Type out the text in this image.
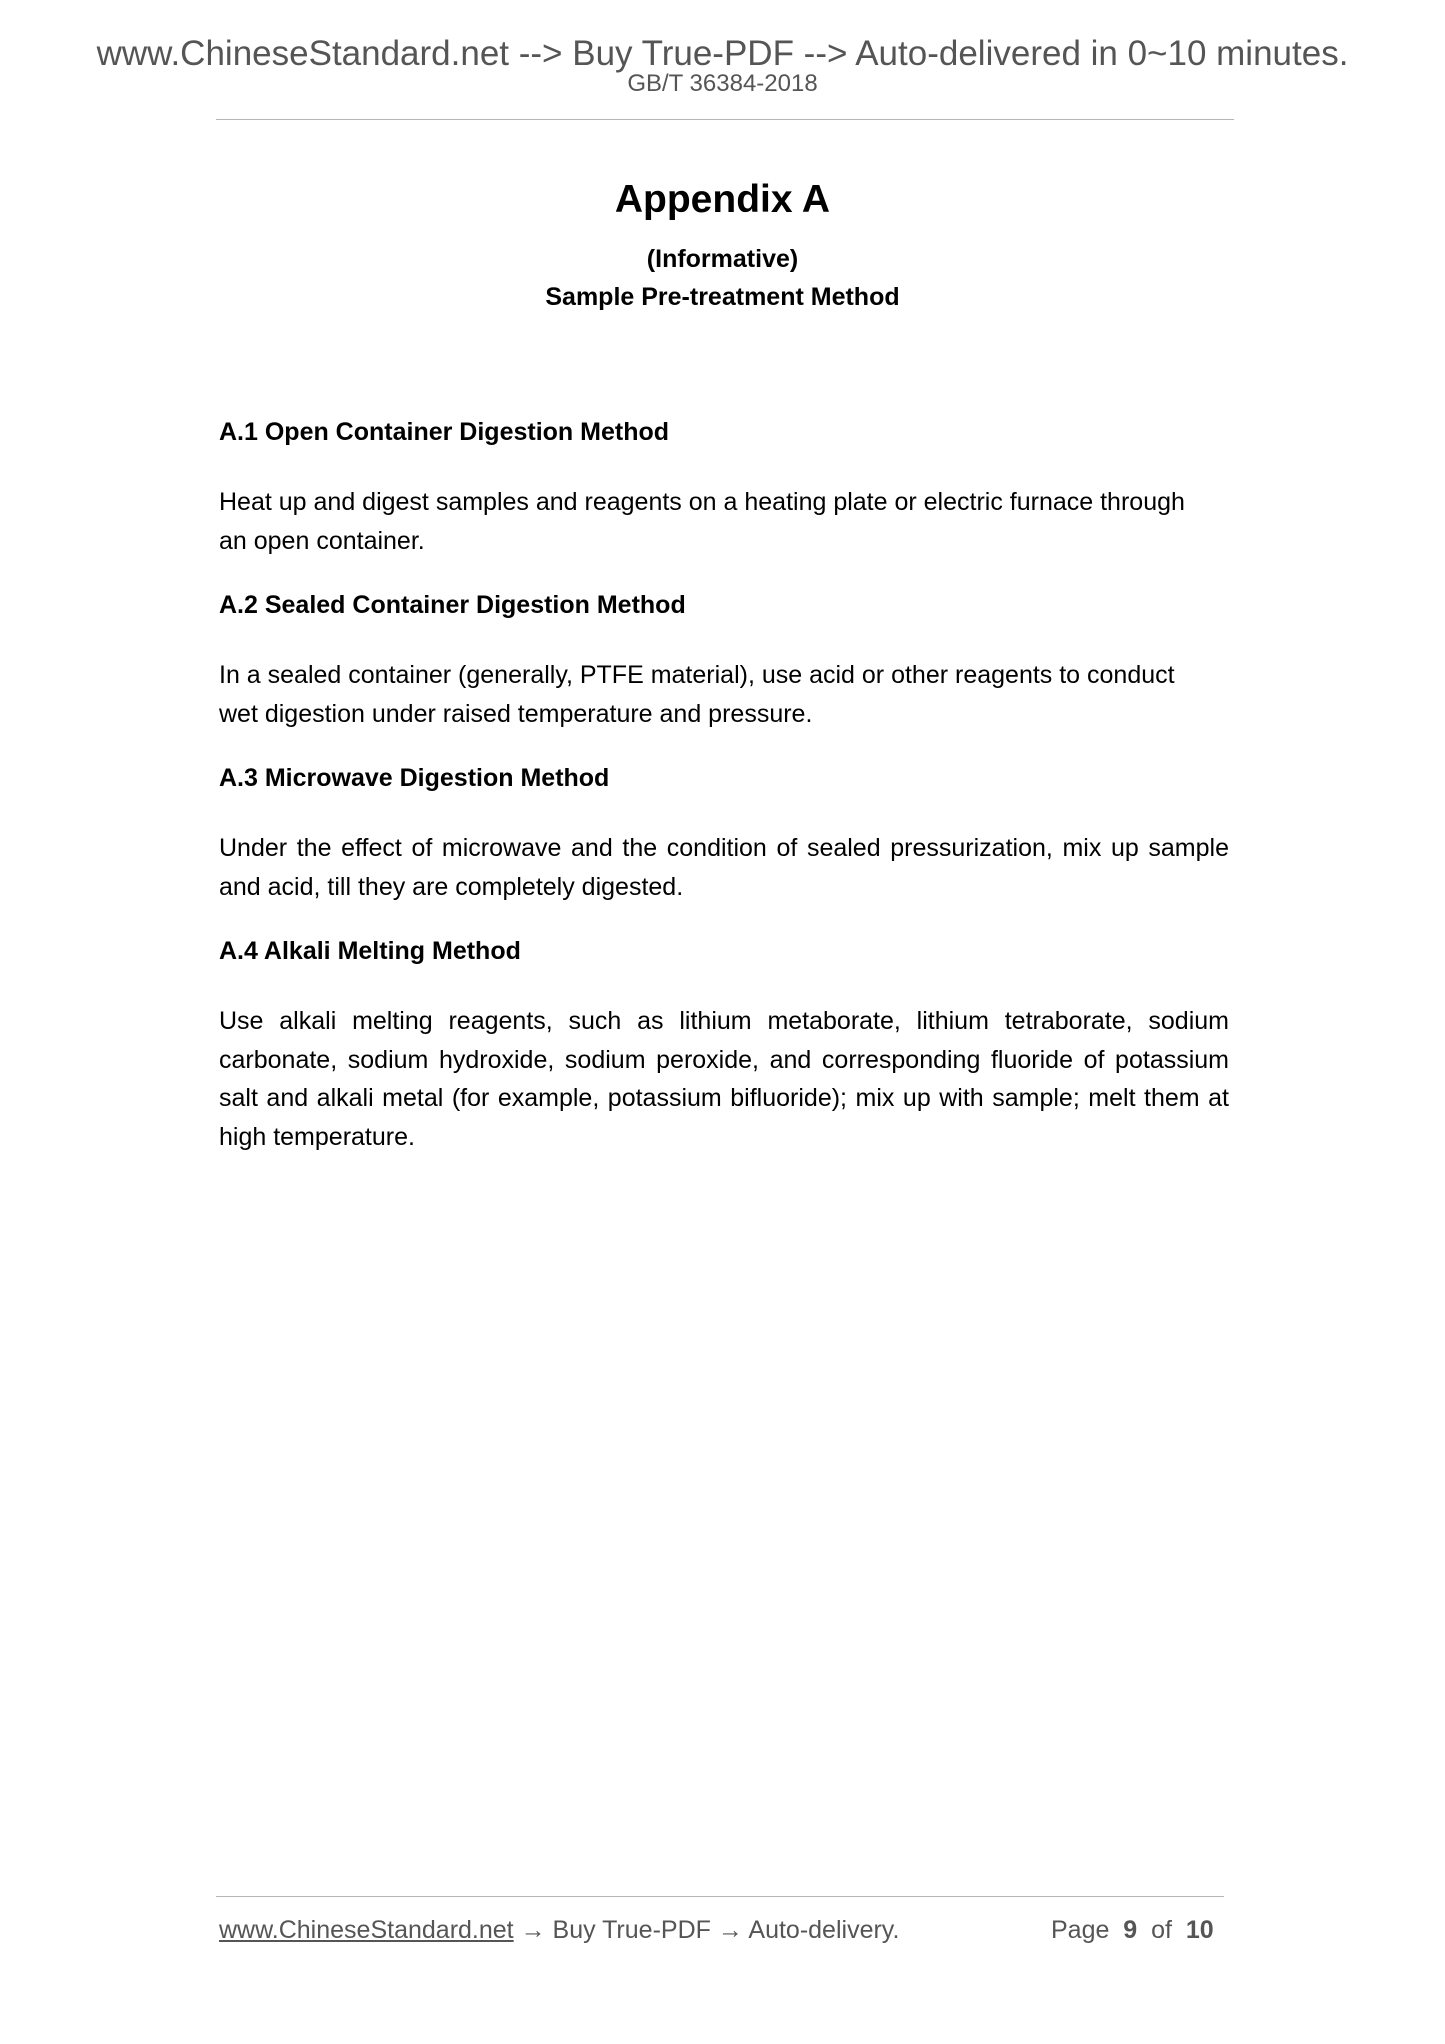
www.ChineseStandard.net --> Buy True-PDF --> Auto-delivered in 0~10 minutes.
GB/T 36384-2018
Appendix A
(Informative)
Sample Pre-treatment Method
A.1 Open Container Digestion Method

Heat up and digest samples and reagents on a heating plate or electric furnace through
an open container.

A.2 Sealed Container Digestion Method

In a sealed container (generally, PTFE material), use acid or other reagents to conduct
wet digestion under raised temperature and pressure.

A.3 Microwave Digestion Method

Under the effect of microwave and the condition of sealed pressurization, mix up sample and acid, till they are completely digested.

A.4 Alkali Melting Method

Use alkali melting reagents, such as lithium metaborate, lithium tetraborate, sodium carbonate, sodium hydroxide, sodium peroxide, and corresponding fluoride of potassium salt and alkali metal (for example, potassium bifluoride); mix up with sample; melt them at high temperature.

www.ChineseStandard.net → Buy True-PDF → Auto-delivery.	Page 9 of 10
